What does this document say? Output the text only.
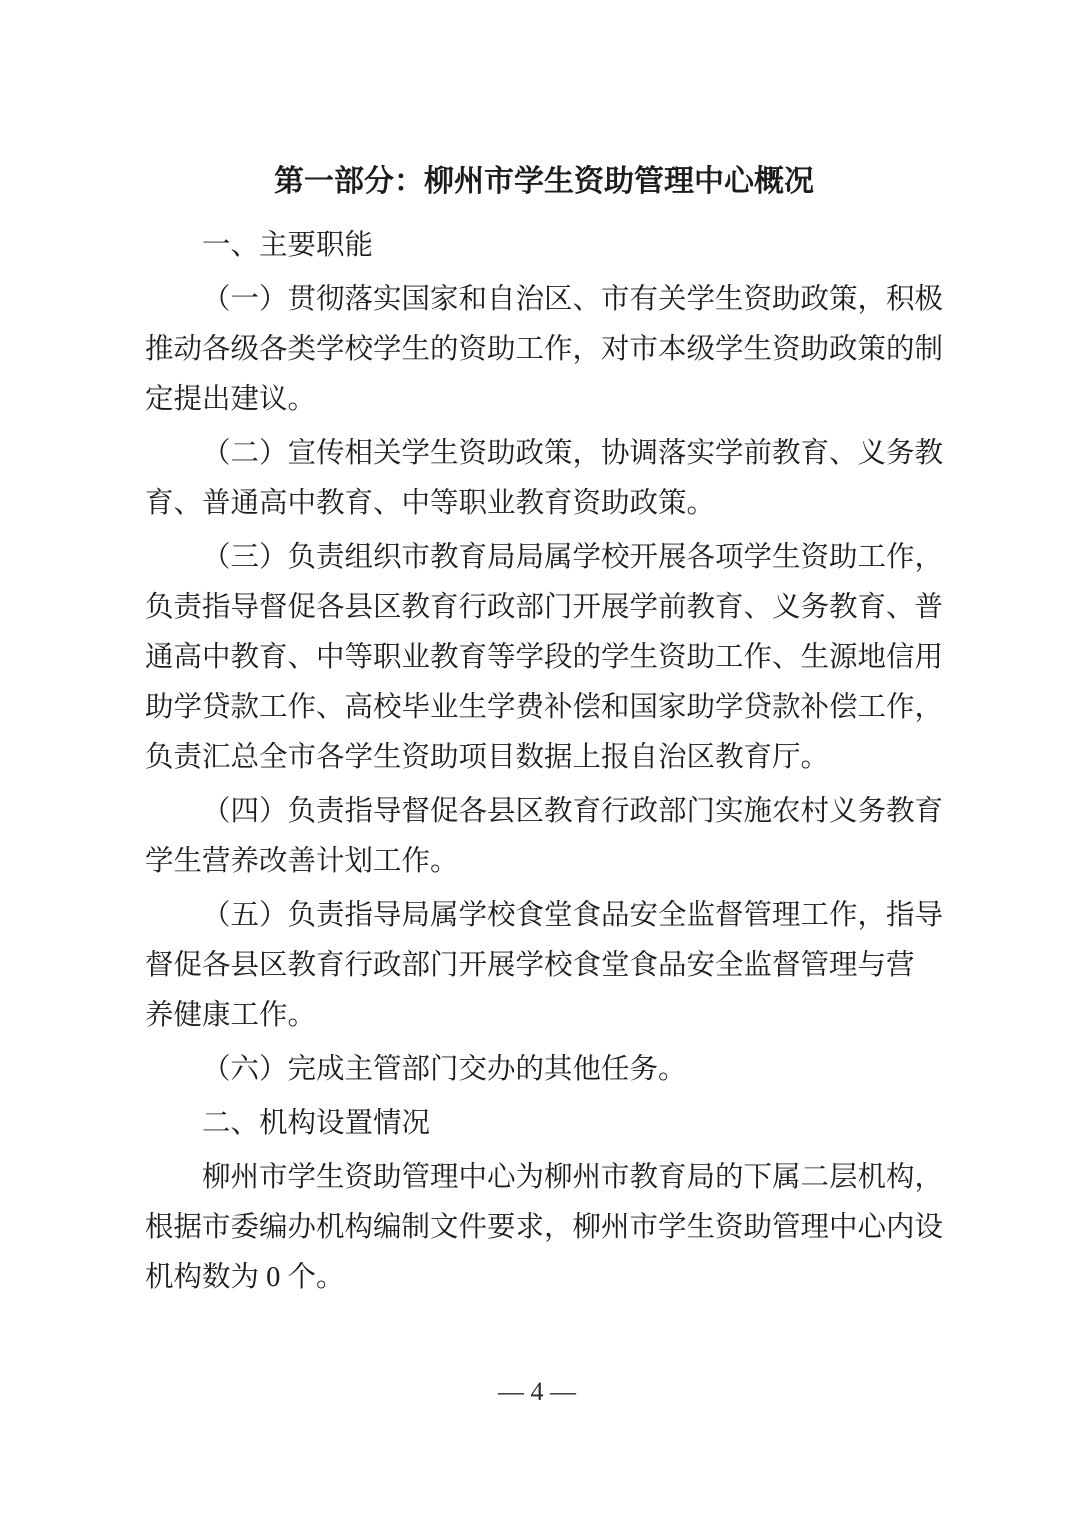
第一部分：柳州市学生资助管理中心概况
一、主要职能
（一）贯彻落实国家和自治区、市有关学生资助政策，积极
推动各级各类学校学生的资助工作，对市本级学生资助政策的制
定提出建议。
（二）宣传相关学生资助政策，协调落实学前教育、义务教
育、普通高中教育、中等职业教育资助政策。
（三）负责组织市教育局局属学校开展各项学生资助工作，
负责指导督促各县区教育行政部门开展学前教育、义务教育、普
通高中教育、中等职业教育等学段的学生资助工作、生源地信用
助学贷款工作、高校毕业生学费补偿和国家助学贷款补偿工作，
负责汇总全市各学生资助项目数据上报自治区教育厅。
（四）负责指导督促各县区教育行政部门实施农村义务教育
学生营养改善计划工作。
（五）负责指导局属学校食堂食品安全监督管理工作，指导
督促各县区教育行政部门开展学校食堂食品安全监督管理与营
养健康工作。
（六）完成主管部门交办的其他任务。
二、机构设置情况
柳州市学生资助管理中心为柳州市教育局的下属二层机构，
根据市委编办机构编制文件要求，柳州市学生资助管理中心内设
机构数为 0 个。
— 4 —
